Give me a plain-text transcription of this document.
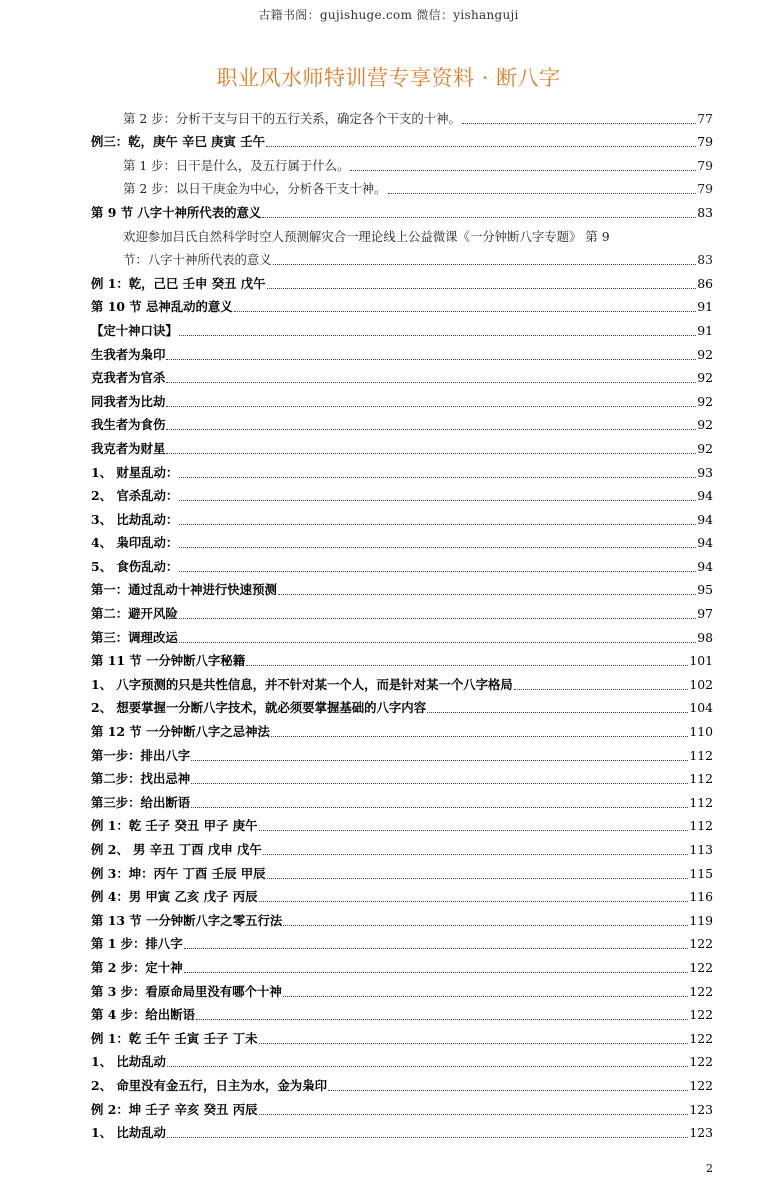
古籍书阁：gujishuge.com 微信：yishanguji
职业风水师特训营专享资料 · 断八字
第 2 步：分析干支与日干的五行关系，确定各个干支的十神。	77
例三：乾，庚午 辛巳 庚寅 壬午	79
第 1 步：日干是什么，及五行属于什么。	79
第 2 步：以日干庚金为中心，分析各干支十神。	79
第 9 节 八字十神所代表的意义	83
欢迎参加吕氏自然科学时空人预测解灾合一理论线上公益微课《一分钟断八字专题》 第 9
节：八字十神所代表的意义	83
例 1：乾，己巳 壬申 癸丑 戊午	86
第 10 节 忌神乱动的意义	91
【定十神口诀】	91
生我者为枭印	92
克我者为官杀	92
同我者为比劫	92
我生者为食伤	92
我克者为财星	92
1、 财星乱动：	93
2、 官杀乱动：	94
3、 比劫乱动：	94
4、 枭印乱动：	94
5、 食伤乱动：	94
第一：通过乱动十神进行快速预测	95
第二：避开风险	97
第三：调理改运	98
第 11 节 一分钟断八字秘籍	101
1、 八字预测的只是共性信息，并不针对某一个人，而是针对某一个八字格局	102
2、 想要掌握一分断八字技术，就必须要掌握基础的八字内容	104
第 12 节 一分钟断八字之忌神法	110
第一步：排出八字	112
第二步：找出忌神	112
第三步：给出断语	112
例 1：乾 壬子 癸丑 甲子 庚午	112
例 2、 男 辛丑 丁酉 戊申 戊午	113
例 3：坤：丙午 丁酉 壬辰 甲辰	115
例 4：男 甲寅 乙亥 戊子 丙辰	116
第 13 节 一分钟断八字之零五行法	119
第 1 步：排八字	122
第 2 步：定十神	122
第 3 步：看原命局里没有哪个十神	122
第 4 步：给出断语	122
例 1：乾 壬午 壬寅 壬子 丁未	122
1、 比劫乱动	122
2、 命里没有金五行，日主为水，金为枭印	122
例 2：坤 壬子 辛亥 癸丑 丙辰	123
1、 比劫乱动	123
2
